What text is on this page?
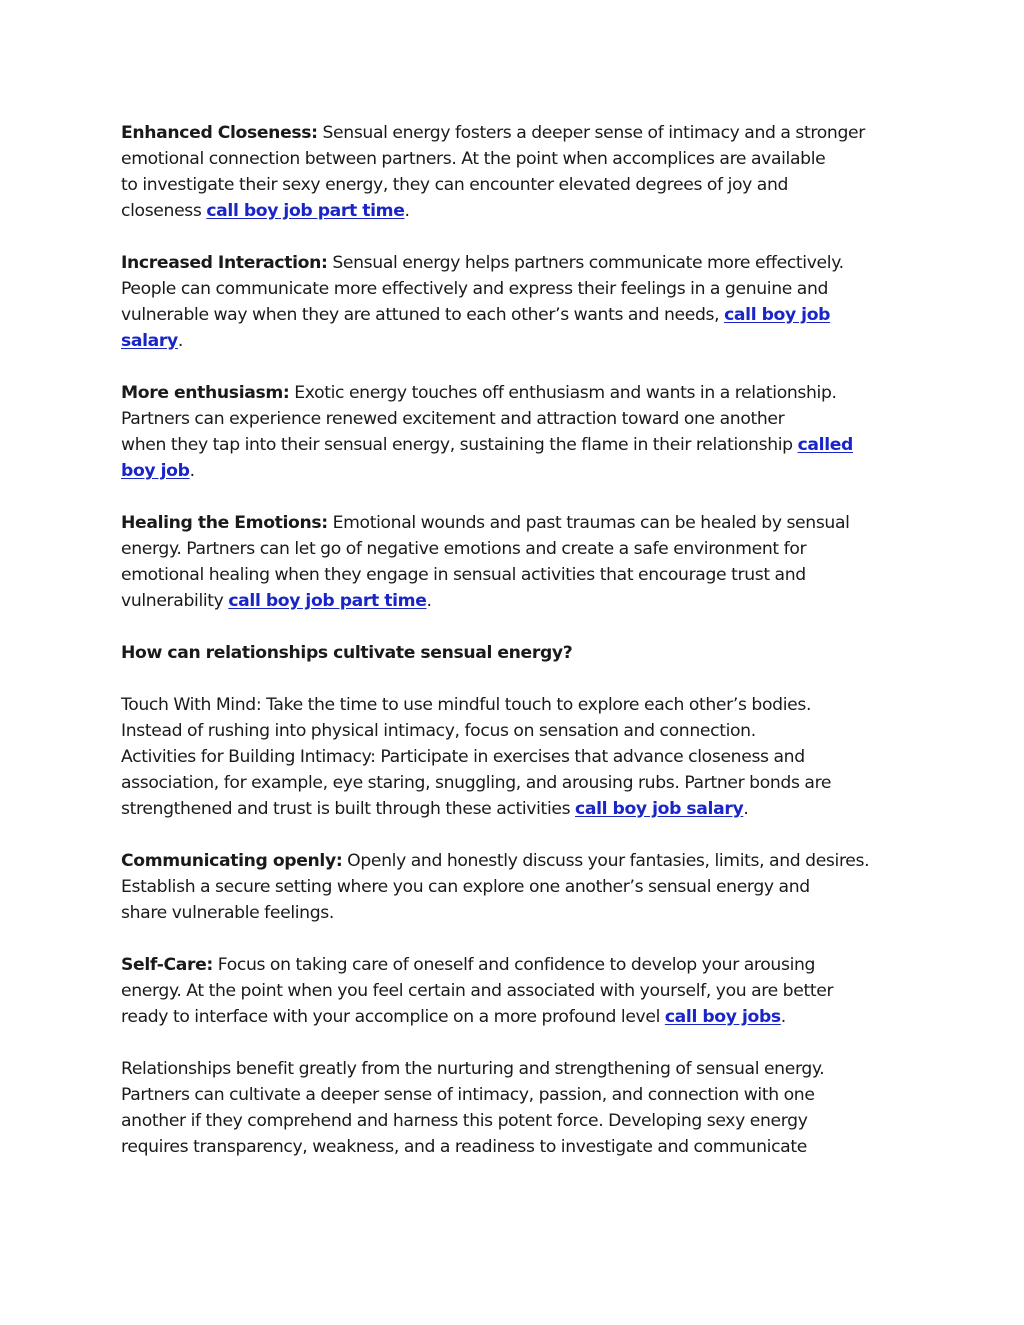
Enhanced Closeness: Sensual energy fosters a deeper sense of intimacy and a stronger
emotional connection between partners. At the point when accomplices are available
to investigate their sexy energy, they can encounter elevated degrees of joy and
closeness call boy job part time.

Increased Interaction: Sensual energy helps partners communicate more effectively.
People can communicate more effectively and express their feelings in a genuine and
vulnerable way when they are attuned to each other’s wants and needs, call boy job
salary.

More enthusiasm: Exotic energy touches off enthusiasm and wants in a relationship.
Partners can experience renewed excitement and attraction toward one another
when they tap into their sensual energy, sustaining the flame in their relationship called
boy job.

Healing the Emotions: Emotional wounds and past traumas can be healed by sensual
energy. Partners can let go of negative emotions and create a safe environment for
emotional healing when they engage in sensual activities that encourage trust and
vulnerability call boy job part time.

How can relationships cultivate sensual energy?

Touch With Mind: Take the time to use mindful touch to explore each other’s bodies.
Instead of rushing into physical intimacy, focus on sensation and connection.
Activities for Building Intimacy: Participate in exercises that advance closeness and
association, for example, eye staring, snuggling, and arousing rubs. Partner bonds are
strengthened and trust is built through these activities call boy job salary.

Communicating openly: Openly and honestly discuss your fantasies, limits, and desires.
Establish a secure setting where you can explore one another’s sensual energy and
share vulnerable feelings.

Self-Care: Focus on taking care of oneself and confidence to develop your arousing
energy. At the point when you feel certain and associated with yourself, you are better
ready to interface with your accomplice on a more profound level call boy jobs.

Relationships benefit greatly from the nurturing and strengthening of sensual energy.
Partners can cultivate a deeper sense of intimacy, passion, and connection with one
another if they comprehend and harness this potent force. Developing sexy energy
requires transparency, weakness, and a readiness to investigate and communicate
